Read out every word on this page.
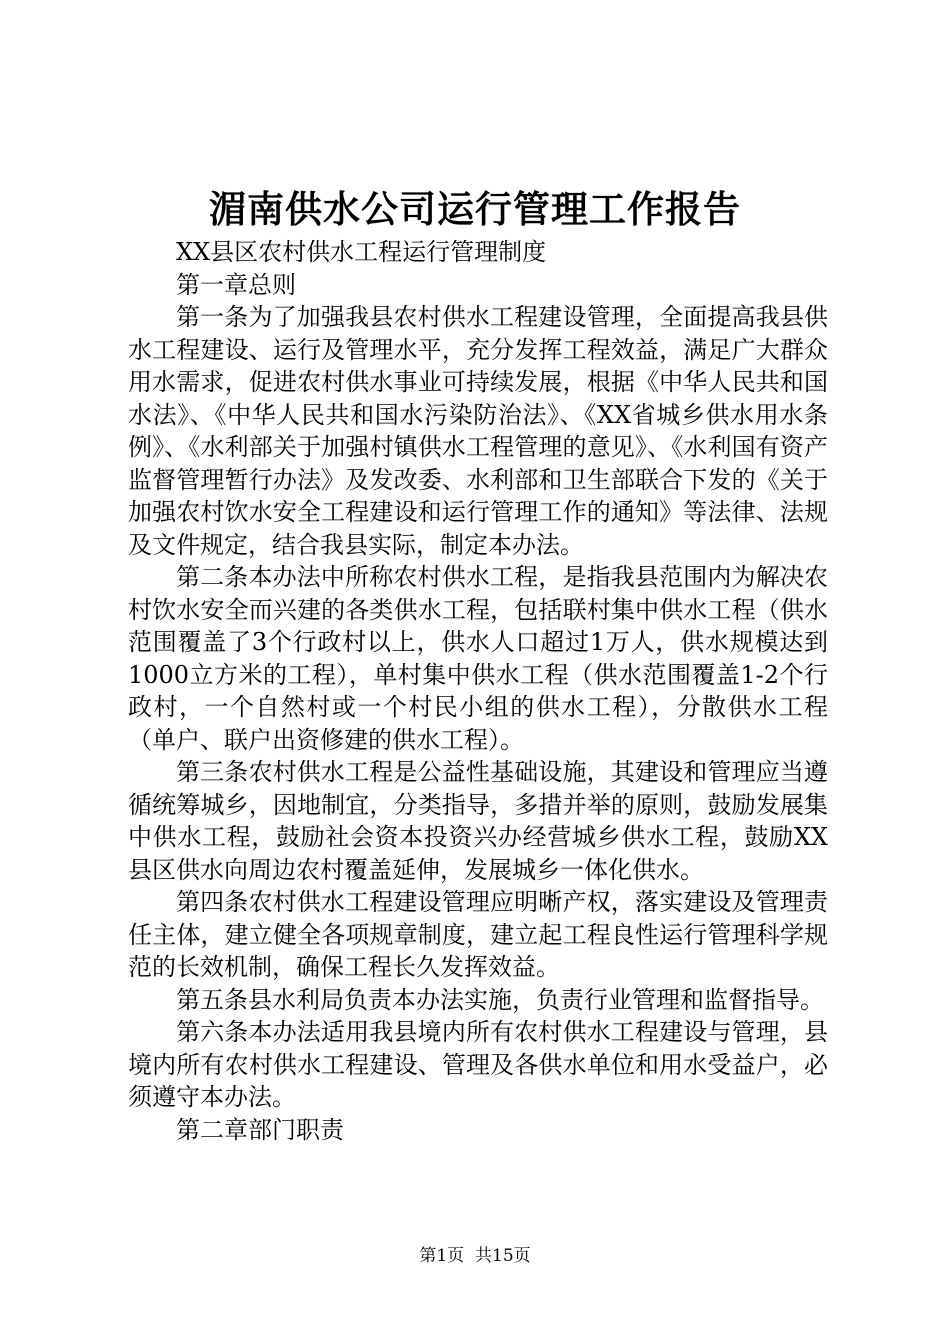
湄南供水公司运行管理工作报告

XX县区农村供水工程运行管理制度

第一章总则

第一条为了加强我县农村供水工程建设管理，全面提高我县供水工程建设、运行及管理水平，充分发挥工程效益，满足广大群众用水需求，促进农村供水事业可持续发展，根据《中华人民共和国水法》、《中华人民共和国水污染防治法》、《XX省城乡供水用水条例》、《水利部关于加强村镇供水工程管理的意见》、《水利国有资产监督管理暂行办法》及发改委、水利部和卫生部联合下发的《关于加强农村饮水安全工程建设和运行管理工作的通知》等法律、法规及文件规定，结合我县实际，制定本办法。

第二条本办法中所称农村供水工程，是指我县范围内为解决农村饮水安全而兴建的各类供水工程，包括联村集中供水工程（供水范围覆盖了3个行政村以上，供水人口超过1万人，供水规模达到1000立方米的工程），单村集中供水工程（供水范围覆盖1-2个行政村，一个自然村或一个村民小组的供水工程），分散供水工程（单户、联户出资修建的供水工程）。

第三条农村供水工程是公益性基础设施，其建设和管理应当遵循统筹城乡，因地制宜，分类指导，多措并举的原则，鼓励发展集中供水工程，鼓励社会资本投资兴办经营城乡供水工程，鼓励XX县区供水向周边农村覆盖延伸，发展城乡一体化供水。

第四条农村供水工程建设管理应明晰产权，落实建设及管理责任主体，建立健全各项规章制度，建立起工程良性运行管理科学规范的长效机制，确保工程长久发挥效益。

第五条县水利局负责本办法实施，负责行业管理和监督指导。

第六条本办法适用我县境内所有农村供水工程建设与管理，县境内所有农村供水工程建设、管理及各供水单位和用水受益户，必须遵守本办法。

第二章部门职责

第1页 共15页
